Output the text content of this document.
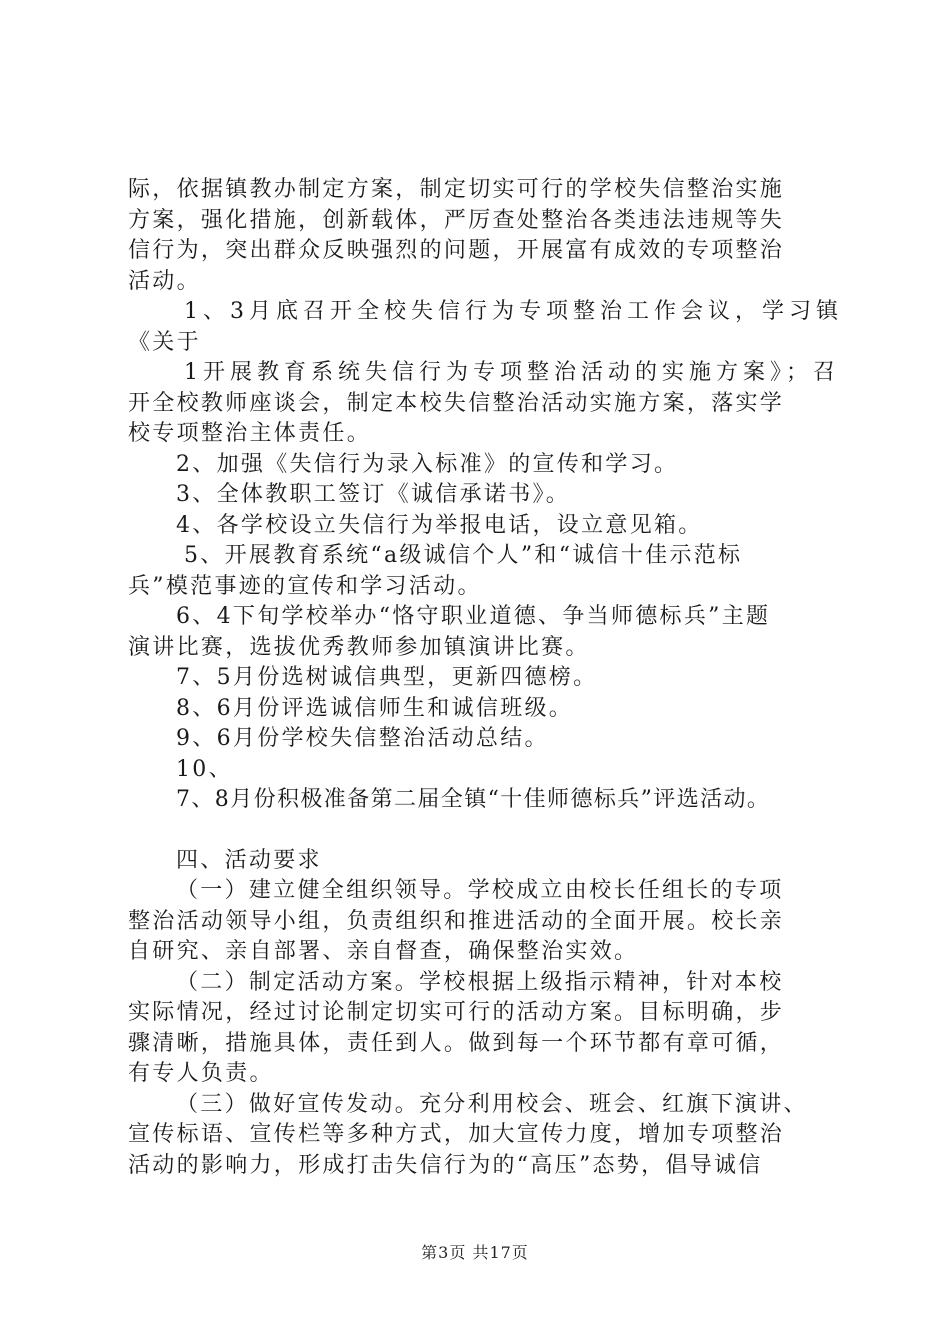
际，依据镇教办制定方案，制定切实可行的学校失信整治实施
方案，强化措施，创新载体，严厉查处整治各类违法违规等失
信行为，突出群众反映强烈的问题，开展富有成效的专项整治
活动。
1、3月底召开全校失信行为专项整治工作会议，学习镇
《关于
1开展教育系统失信行为专项整治活动的实施方案》；召
开全校教师座谈会，制定本校失信整治活动实施方案，落实学
校专项整治主体责任。
2、加强《失信行为录入标准》的宣传和学习。
3、全体教职工签订《诚信承诺书》。
4、各学校设立失信行为举报电话，设立意见箱。
5、开展教育系统“a级诚信个人”和“诚信十佳示范标
兵”模范事迹的宣传和学习活动。
6、4下旬学校举办“恪守职业道德、争当师德标兵”主题
演讲比赛，选拔优秀教师参加镇演讲比赛。
7、5月份选树诚信典型，更新四德榜。
8、6月份评选诚信师生和诚信班级。
9、6月份学校失信整治活动总结。
10、
7、8月份积极准备第二届全镇“十佳师德标兵”评选活动。
四、活动要求
（一）建立健全组织领导。学校成立由校长任组长的专项
整治活动领导小组，负责组织和推进活动的全面开展。校长亲
自研究、亲自部署、亲自督查，确保整治实效。
（二）制定活动方案。学校根据上级指示精神，针对本校
实际情况，经过讨论制定切实可行的活动方案。目标明确，步
骤清晰，措施具体，责任到人。做到每一个环节都有章可循，
有专人负责。
（三）做好宣传发动。充分利用校会、班会、红旗下演讲、
宣传标语、宣传栏等多种方式，加大宣传力度，增加专项整治
活动的影响力，形成打击失信行为的“高压”态势，倡导诚信
第3页 共17页
